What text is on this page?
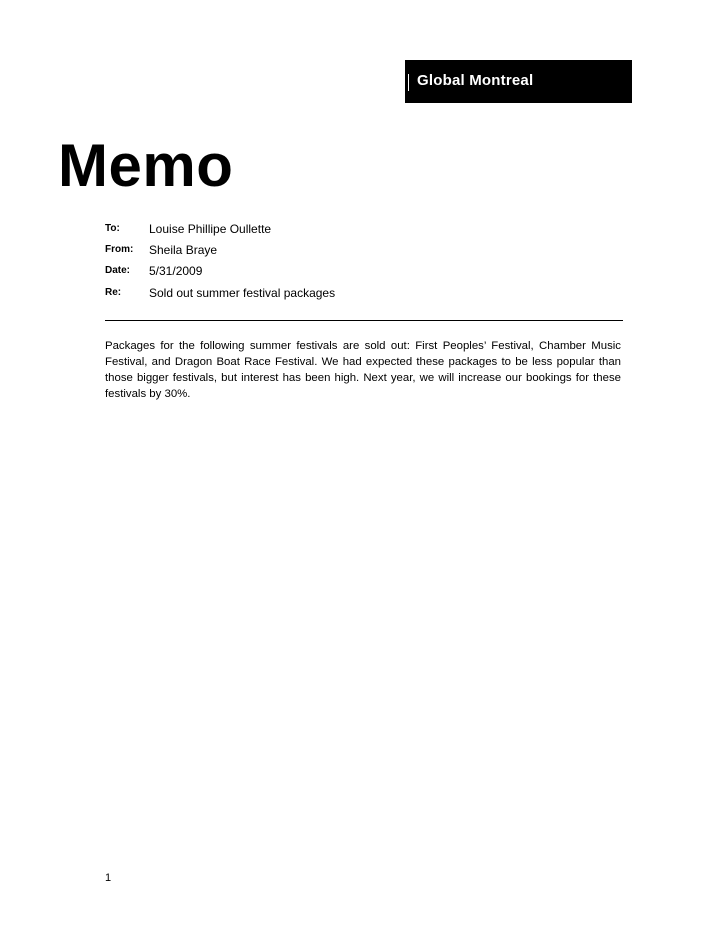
Global Montreal
Memo
To: Louise Phillipe Oullette
From: Sheila Braye
Date: 5/31/2009
Re: Sold out summer festival packages

Packages for the following summer festivals are sold out: First Peoples’ Festival, Chamber Music Festival, and Dragon Boat Race Festival. We had expected these packages to be less popular than those bigger festivals, but interest has been high. Next year, we will increase our bookings for these festivals by 30%.

1
